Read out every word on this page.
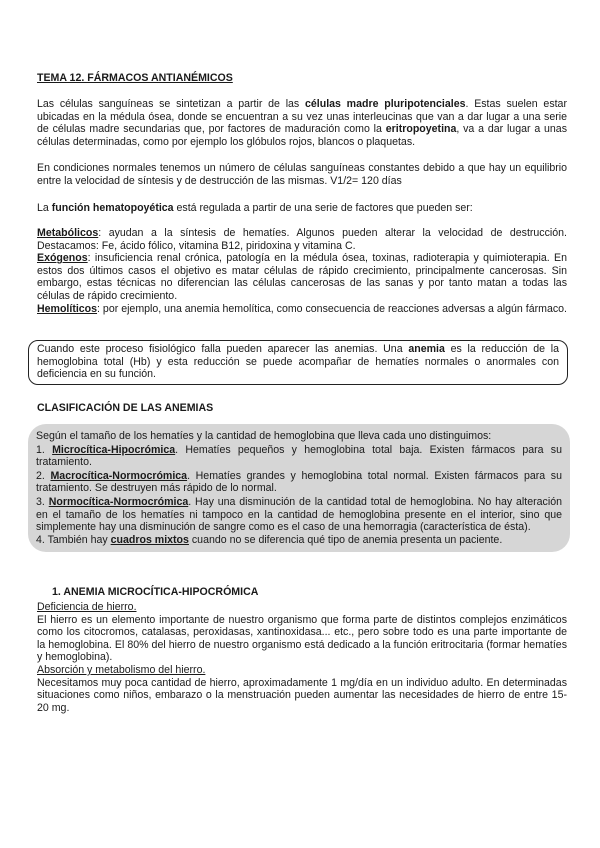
TEMA 12. FÁRMACOS ANTIANÉMICOS

Las células sanguíneas se sintetizan a partir de las células madre pluripotenciales. Estas suelen estar ubicadas en la médula ósea, donde se encuentran a su vez unas interleucinas que van a dar lugar a una serie de células madre secundarias que, por factores de maduración como la eritropoyetina, va a dar lugar a unas células determinadas, como por ejemplo los glóbulos rojos, blancos o plaquetas.

En condiciones normales tenemos un número de células sanguíneas constantes debido a que hay un equilibrio entre la velocidad de síntesis y de destrucción de las mismas. V1/2= 120 días

La función hematopoyética está regulada a partir de una serie de factores que pueden ser:

Metabólicos: ayudan a la síntesis de hematíes. Algunos pueden alterar la velocidad de destrucción. Destacamos: Fe, ácido fólico, vitamina B12, piridoxina y vitamina C.
Exógenos: insuficiencia renal crónica, patología en la médula ósea, toxinas, radioterapia y quimioterapia. En estos dos últimos casos el objetivo es matar células de rápido crecimiento, principalmente cancerosas. Sin embargo, estas técnicas no diferencian las células cancerosas de las sanas y por tanto matan a todas las células de rápido crecimiento.
Hemolíticos: por ejemplo, una anemia hemolítica, como consecuencia de reacciones adversas a algún fármaco.
Cuando este proceso fisiológico falla pueden aparecer las anemias. Una anemia es la reducción de la hemoglobina total (Hb) y esta reducción se puede acompañar de hematíes normales o anormales con deficiencia en su función.
CLASIFICACIÓN DE LAS ANEMIAS
Según el tamaño de los hematíes y la cantidad de hemoglobina que lleva cada uno distinguimos:
1. Microcítica-Hipocrómica. Hematíes pequeños y hemoglobina total baja. Existen fármacos para su tratamiento.
2. Macrocítica-Normocrómica. Hematíes grandes y hemoglobina total normal. Existen fármacos para su tratamiento. Se destruyen más rápido de lo normal.
3. Normocítica-Normocrómica. Hay una disminución de la cantidad total de hemoglobina. No hay alteración en el tamaño de los hematíes ni tampoco en la cantidad de hemoglobina presente en el interior, sino que simplemente hay una disminución de sangre como es el caso de una hemorragia (característica de ésta).
4. También hay cuadros mixtos cuando no se diferencia qué tipo de anemia presenta un paciente.
1. ANEMIA MICROCÍTICA-HIPOCRÓMICA
Deficiencia de hierro.
El hierro es un elemento importante de nuestro organismo que forma parte de distintos complejos enzimáticos como los citocromos, catalasas, peroxidasas, xantinoxidasa... etc., pero sobre todo es una parte importante de la hemoglobina. El 80% del hierro de nuestro organismo está dedicado a la función eritrocitaria (formar hematíes y hemoglobina).
Absorción y metabolismo del hierro.
Necesitamos muy poca cantidad de hierro, aproximadamente 1 mg/día en un individuo adulto. En determinadas situaciones como niños, embarazo o la menstruación pueden aumentar las necesidades de hierro de entre 15-20 mg.
